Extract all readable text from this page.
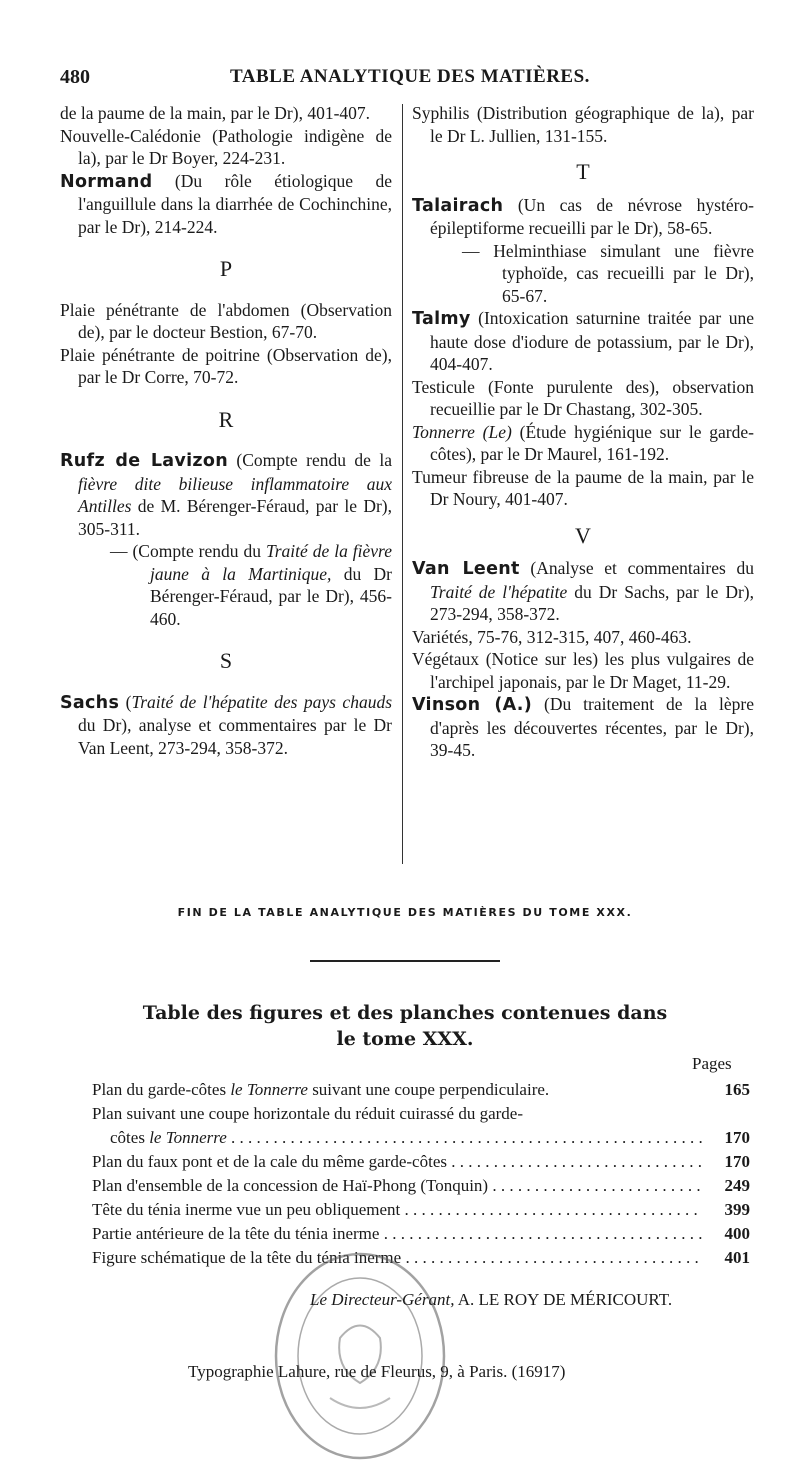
480	TABLE ANALYTIQUE DES MATIÈRES.

de la paume de la main, par le Dr), 401-407.

Nouvelle-Calédonie (Pathologie indigène de la), par le Dr Boyer, 224-231.

Normand (Du rôle étiologique de l'anguillule dans la diarrhée de Cochinchine, par le Dr), 214-224.

P

Plaie pénétrante de l'abdomen (Observation de), par le docteur Bestion, 67-70.

Plaie pénétrante de poitrine (Observation de), par le Dr Corre, 70-72.

R

Rufz de Lavizon (Compte rendu de la fièvre dite bilieuse inflammatoire aux Antilles de M. Bérenger-Féraud, par le Dr), 305-311.

— (Compte rendu du Traité de la fièvre jaune à la Martinique, du Dr Bérenger-Féraud, par le Dr), 456-460.

S

Sachs (Traité de l'hépatite des pays chauds du Dr), analyse et commentaires par le Dr Van Leent, 273-294, 358-372.

Syphilis (Distribution géographique de la), par le Dr L. Jullien, 131-155.

T

Talairach (Un cas de névrose hystéro-épileptiforme recueilli par le Dr), 58-65.

— Helminthiase simulant une fièvre typhoïde, cas recueilli par le Dr), 65-67.

Talmy (Intoxication saturnine traitée par une haute dose d'iodure de potassium, par le Dr), 404-407.

Testicule (Fonte purulente des), observation recueillie par le Dr Chastang, 302-305.

Tonnerre (Le) (Étude hygiénique sur le garde-côtes), par le Dr Maurel, 161-192.

Tumeur fibreuse de la paume de la main, par le Dr Noury, 401-407.

V

Van Leent (Analyse et commentaires du Traité de l'hépatite du Dr Sachs, par le Dr), 273-294, 358-372.

Variétés, 75-76, 312-315, 407, 460-463.

Végétaux (Notice sur les) les plus vulgaires de l'archipel japonais, par le Dr Maget, 11-29.

Vinson (A.) (Du traitement de la lèpre d'après les découvertes récentes, par le Dr), 39-45.

FIN DE LA TABLE ANALYTIQUE DES MATIÈRES DU TOME XXX.
Table des figures et des planches contenues dans
le tome XXX.
Pages
Plan du garde-côtes le Tonnerre suivant une coupe perpendiculaire.	165
Plan suivant une coupe horizontale du réduit cuirassé du garde-
côtes le Tonnerre . . .	170
Plan du faux pont et de la cale du même garde-côtes . . .	170
Plan d'ensemble de la concession de Haï-Phong (Tonquin) . . .	249
Tête du ténia inerme vue un peu obliquement . . .	399
Partie antérieure de la tête du ténia inerme . . .	400
Figure schématique de la tête du ténia inerme . . .	401
Le Directeur-Gérant, A. LE ROY DE MÉRICOURT.
Typographie Lahure, rue de Fleurus, 9, à Paris. (16917)
